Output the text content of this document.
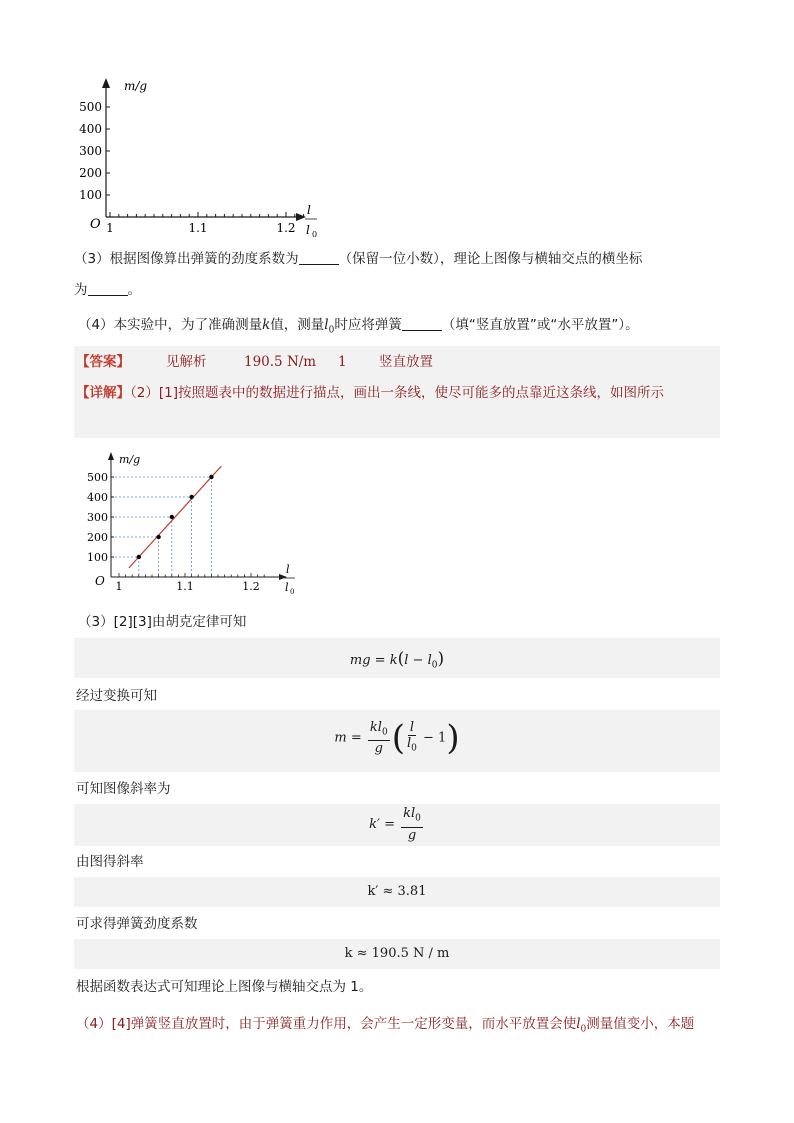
500
400
300
200
100
1	1.1	1.2
m/g
O
l
l 0
（3）根据图像算出弹簧的劲度系数为	（保留一位小数），理论上图像与横轴交点的横坐标
为	。
（4）本实验中，为了准确测量k值，测量$l_0$时应将弹簧	（填“竖直放置”或“水平放置”）。
【答案】	见解析	190.5 N/m 1 竖直放置
【详解】（2）[1]按照题表中的数据进行描点，画出一条线，使尽可能多的点靠近这条线，如图所示
100
200
300
400
500
1	1.1	1.2
m/g
O
l
l 0
（3）[2][3]由胡克定律可知
mg = $k(l - l_0)$
经过变换可知
$m = \frac{kl_0}{g}$ ( $\frac{l}{l_0} - 1$)
可知图像斜率为
$k' = \frac{kl_0}{g}$
由图得斜率
k′ ≈ 3.81
可求得弹簧劲度系数
k ≈ 190.5 N / m
根据函数表达式可知理论上图像与横轴交点为 1。
（4）[4]弹簧竖直放置时，由于弹簧重力作用，会产生一定形变量，而水平放置会使$l_0$测量值变小，本题
